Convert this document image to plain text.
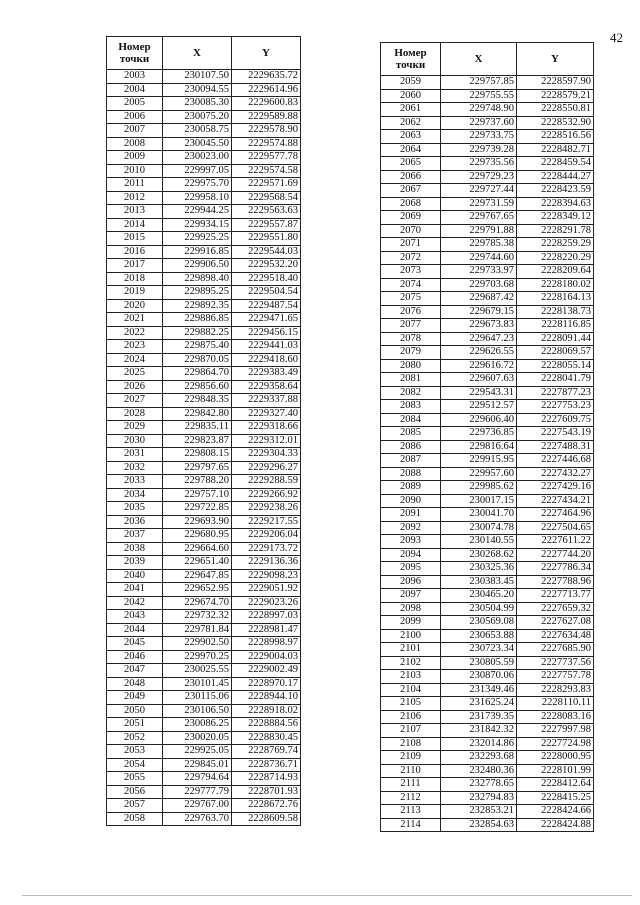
42
Номер
точки	X	Y
2003	230107.50	2229635.72
2004	230094.55	2229614.96
2005	230085.30	2229600.83
2006	230075.20	2229589.88
2007	230058.75	2229578.90
2008	230045.50	2229574.88
2009	230023.00	2229577.78
2010	229997.05	2229574.58
2011	229975.70	2229571.69
2012	229958.10	2229568.54
2013	229944.25	2229563.63
2014	229934.15	2229557.87
2015	229925.25	2229551.80
2016	229916.85	2229544.03
2017	229906.50	2229532.20
2018	229898.40	2229518.40
2019	229895.25	2229504.54
2020	229892.35	2229487.54
2021	229886.85	2229471.65
2022	229882.25	2229456.15
2023	229875.40	2229441.03
2024	229870.05	2229418.60
2025	229864.70	2229383.49
2026	229856.60	2229358.64
2027	229848.35	2229337.88
2028	229842.80	2229327.40
2029	229835.11	2229318.66
2030	229823.87	2229312.01
2031	229808.15	2229304.33
2032	229797.65	2229296.27
2033	229788.20	2229288.59
2034	229757.10	2229266.92
2035	229722.85	2229238.26
2036	229693.90	2229217.55
2037	229680.95	2229206.04
2038	229664.60	2229173.72
2039	229651.40	2229136.36
2040	229647.85	2229098.23
2041	229652.95	2229051.92
2042	229674.70	2229023.26
2043	229732.32	2228997.03
2044	229781.84	2228981.47
2045	229902.50	2228998.97
2046	229970.25	2229004.03
2047	230025.55	2229002.49
2048	230101.45	2228970.17
2049	230115.06	2228944.10
2050	230106.50	2228918.02
2051	230086.25	2228884.56
2052	230020.05	2228830.45
2053	229925.05	2228769.74
2054	229845.01	2228736.71
2055	229794.64	2228714.93
2056	229777.79	2228701.93
2057	229767.00	2228672.76
2058	229763.70	2228609.58
Номер
точки	X	Y
2059	229757.85	2228597.90
2060	229755.55	2228579.21
2061	229748.90	2228550.81
2062	229737.60	2228532.90
2063	229733.75	2228516.56
2064	229739.28	2228482.71
2065	229735.56	2228459.54
2066	229729.23	2228444.27
2067	229727.44	2228423.59
2068	229731.59	2228394.63
2069	229767.65	2228349.12
2070	229791.88	2228291.78
2071	229785.38	2228259.29
2072	229744.60	2228220.29
2073	229733.97	2228209.64
2074	229703.68	2228180.02
2075	229687.42	2228164.13
2076	229679.15	2228138.73
2077	229673.83	2228116.85
2078	229647.23	2228091.44
2079	229626.55	2228069.57
2080	229616.72	2228055.14
2081	229607.63	2228041.79
2082	229543.31	2227877.23
2083	229512.57	2227753.23
2084	229606.40	2227609.75
2085	229736.85	2227543.19
2086	229816.64	2227488.31
2087	229915.95	2227446.68
2088	229957.60	2227432.27
2089	229985.62	2227429.16
2090	230017.15	2227434.21
2091	230041.70	2227464.96
2092	230074.78	2227504.65
2093	230140.55	2227611.22
2094	230268.62	2227744.20
2095	230325.36	2227786.34
2096	230383.45	2227788.96
2097	230465.20	2227713.77
2098	230504.99	2227659.32
2099	230569.08	2227627.08
2100	230653.88	2227634.48
2101	230723.34	2227685.90
2102	230805.59	2227737.56
2103	230870.06	2227757.78
2104	231349.46	2228293.83
2105	231625.24	2228110.11
2106	231739.35	2228083.16
2107	231842.32	2227997.98
2108	232014.86	2227724.98
2109	232293.68	2228000.95
2110	232480.36	2228101.99
2111	232778.65	2228412.64
2112	232794.83	2228415.25
2113	232853.21	2228424.66
2114	232854.63	2228424.88
